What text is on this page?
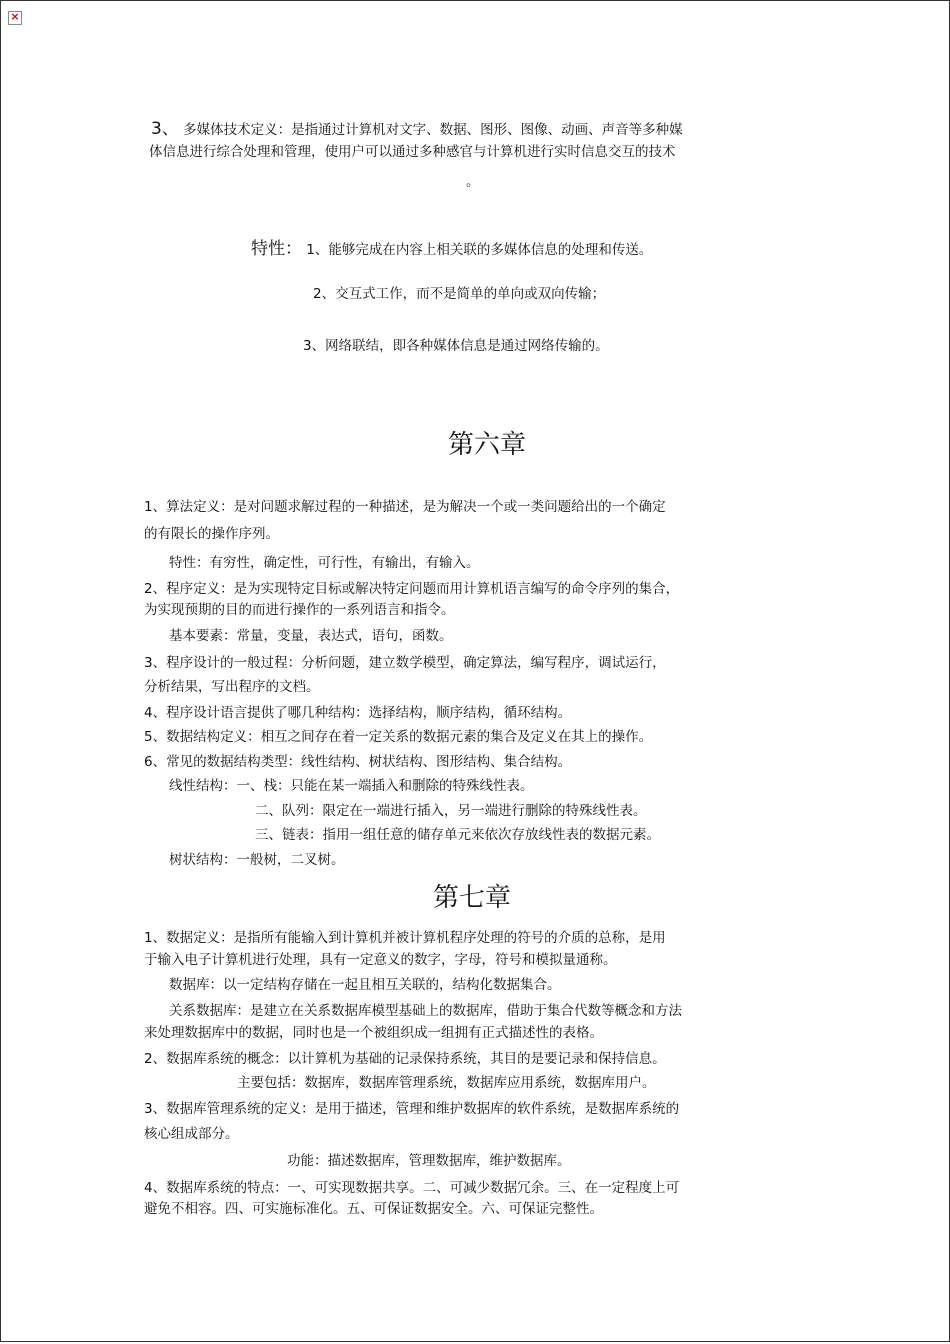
×
3、 多媒体技术定义：是指通过计算机对文字、数据、图形、图像、动画、声音等多种媒
体信息进行综合处理和管理，使用户可以通过多种感官与计算机进行实时信息交互的技术
。
特性： 1、能够完成在内容上相关联的多媒体信息的处理和传送。
2、交互式工作，而不是简单的单向或双向传输；
3、网络联结，即各种媒体信息是通过网络传输的。
第六章
1、算法定义：是对问题求解过程的一种描述，是为解决一个或一类问题给出的一个确定
的有限长的操作序列。
特性：有穷性，确定性，可行性，有输出，有输入。
2、程序定义：是为实现特定目标或解决特定问题而用计算机语言编写的命令序列的集合，
为实现预期的目的而进行操作的一系列语言和指令。
基本要素：常量，变量，表达式，语句，函数。
3、程序设计的一般过程：分析问题，建立数学模型，确定算法，编写程序，调试运行，
分析结果，写出程序的文档。
4、程序设计语言提供了哪几种结构：选择结构，顺序结构，循环结构。
5、数据结构定义：相互之间存在着一定关系的数据元素的集合及定义在其上的操作。
6、常见的数据结构类型：线性结构、树状结构、图形结构、集合结构。
线性结构：一、栈：只能在某一端插入和删除的特殊线性表。
二、队列：限定在一端进行插入，另一端进行删除的特殊线性表。
三、链表：指用一组任意的储存单元来依次存放线性表的数据元素。
树状结构：一般树，二叉树。
第七章
1、数据定义：是指所有能输入到计算机并被计算机程序处理的符号的介质的总称，是用
于输入电子计算机进行处理，具有一定意义的数字，字母，符号和模拟量通称。
数据库：以一定结构存储在一起且相互关联的，结构化数据集合。
关系数据库：是建立在关系数据库模型基础上的数据库，借助于集合代数等概念和方法
来处理数据库中的数据，同时也是一个被组织成一组拥有正式描述性的表格。
2、数据库系统的概念：以计算机为基础的记录保持系统，其目的是要记录和保持信息。
主要包括：数据库，数据库管理系统，数据库应用系统，数据库用户。
3、数据库管理系统的定义：是用于描述，管理和维护数据库的软件系统，是数据库系统的
核心组成部分。
功能：描述数据库，管理数据库，维护数据库。
4、数据库系统的特点：一、可实现数据共享。二、可减少数据冗余。三、在一定程度上可
避免不相容。四、可实施标准化。五、可保证数据安全。六、可保证完整性。
